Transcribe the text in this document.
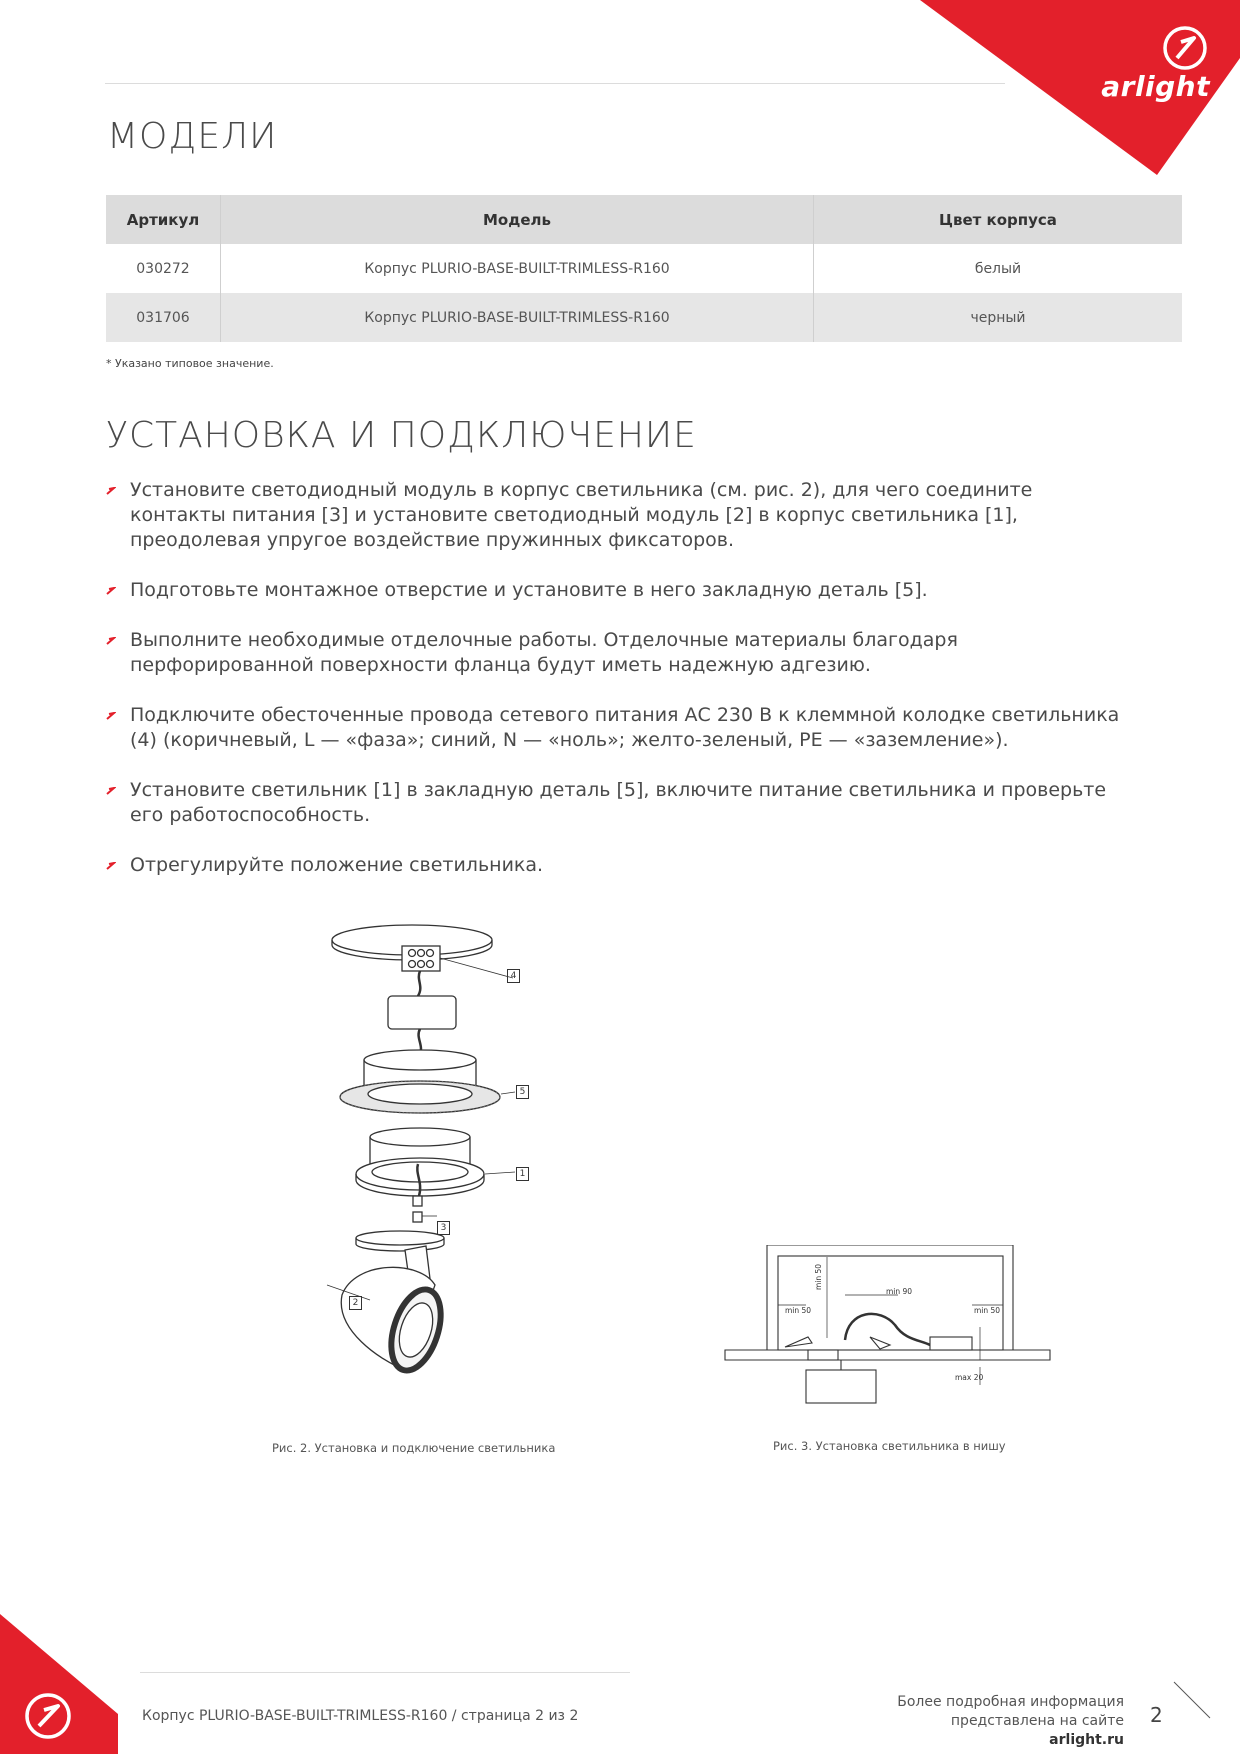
arlight
МОДЕЛИ
Артикул	Модель	Цвет корпуса
030272	Корпус PLURIO-BASE-BUILT-TRIMLESS-R160	белый
031706	Корпус PLURIO-BASE-BUILT-TRIMLESS-R160	черный
* Указано типовое значение.
УСТАНОВКА И ПОДКЛЮЧЕНИЕ
Установите светодиодный модуль в корпус светильника (см. рис. 2), для чего соедините контакты питания [3] и установите светодиодный модуль [2] в корпус светильника [1], преодолевая упругое воздействие пружинных фиксаторов.
Подготовьте монтажное отверстие и установите в него закладную деталь [5].
Выполните необходимые отделочные работы. Отделочные материалы благодаря перфорированной поверхности фланца будут иметь надежную адгезию.
Подключите обесточенные провода сетевого питания АС 230 В к клеммной колодке светильника (4) (коричневый, L — «фаза»; синий, N — «ноль»; желто-зеленый, PE — «заземление»).
Установите светильник [1] в закладную деталь [5], включите питание светильника и проверьте его работоспособность.
Отрегулируйте положение светильника.
4
5
1
3
2
Рис. 2. Установка и подключение светильника
min 50
min 50
min 90
min 50
max 20
Рис. 3. Установка светильника в нишу
Корпус PLURIO-BASE-BUILT-TRIMLESS-R160 / страница 2 из 2
Более подробная информация
представлена на сайте arlight.ru
2
